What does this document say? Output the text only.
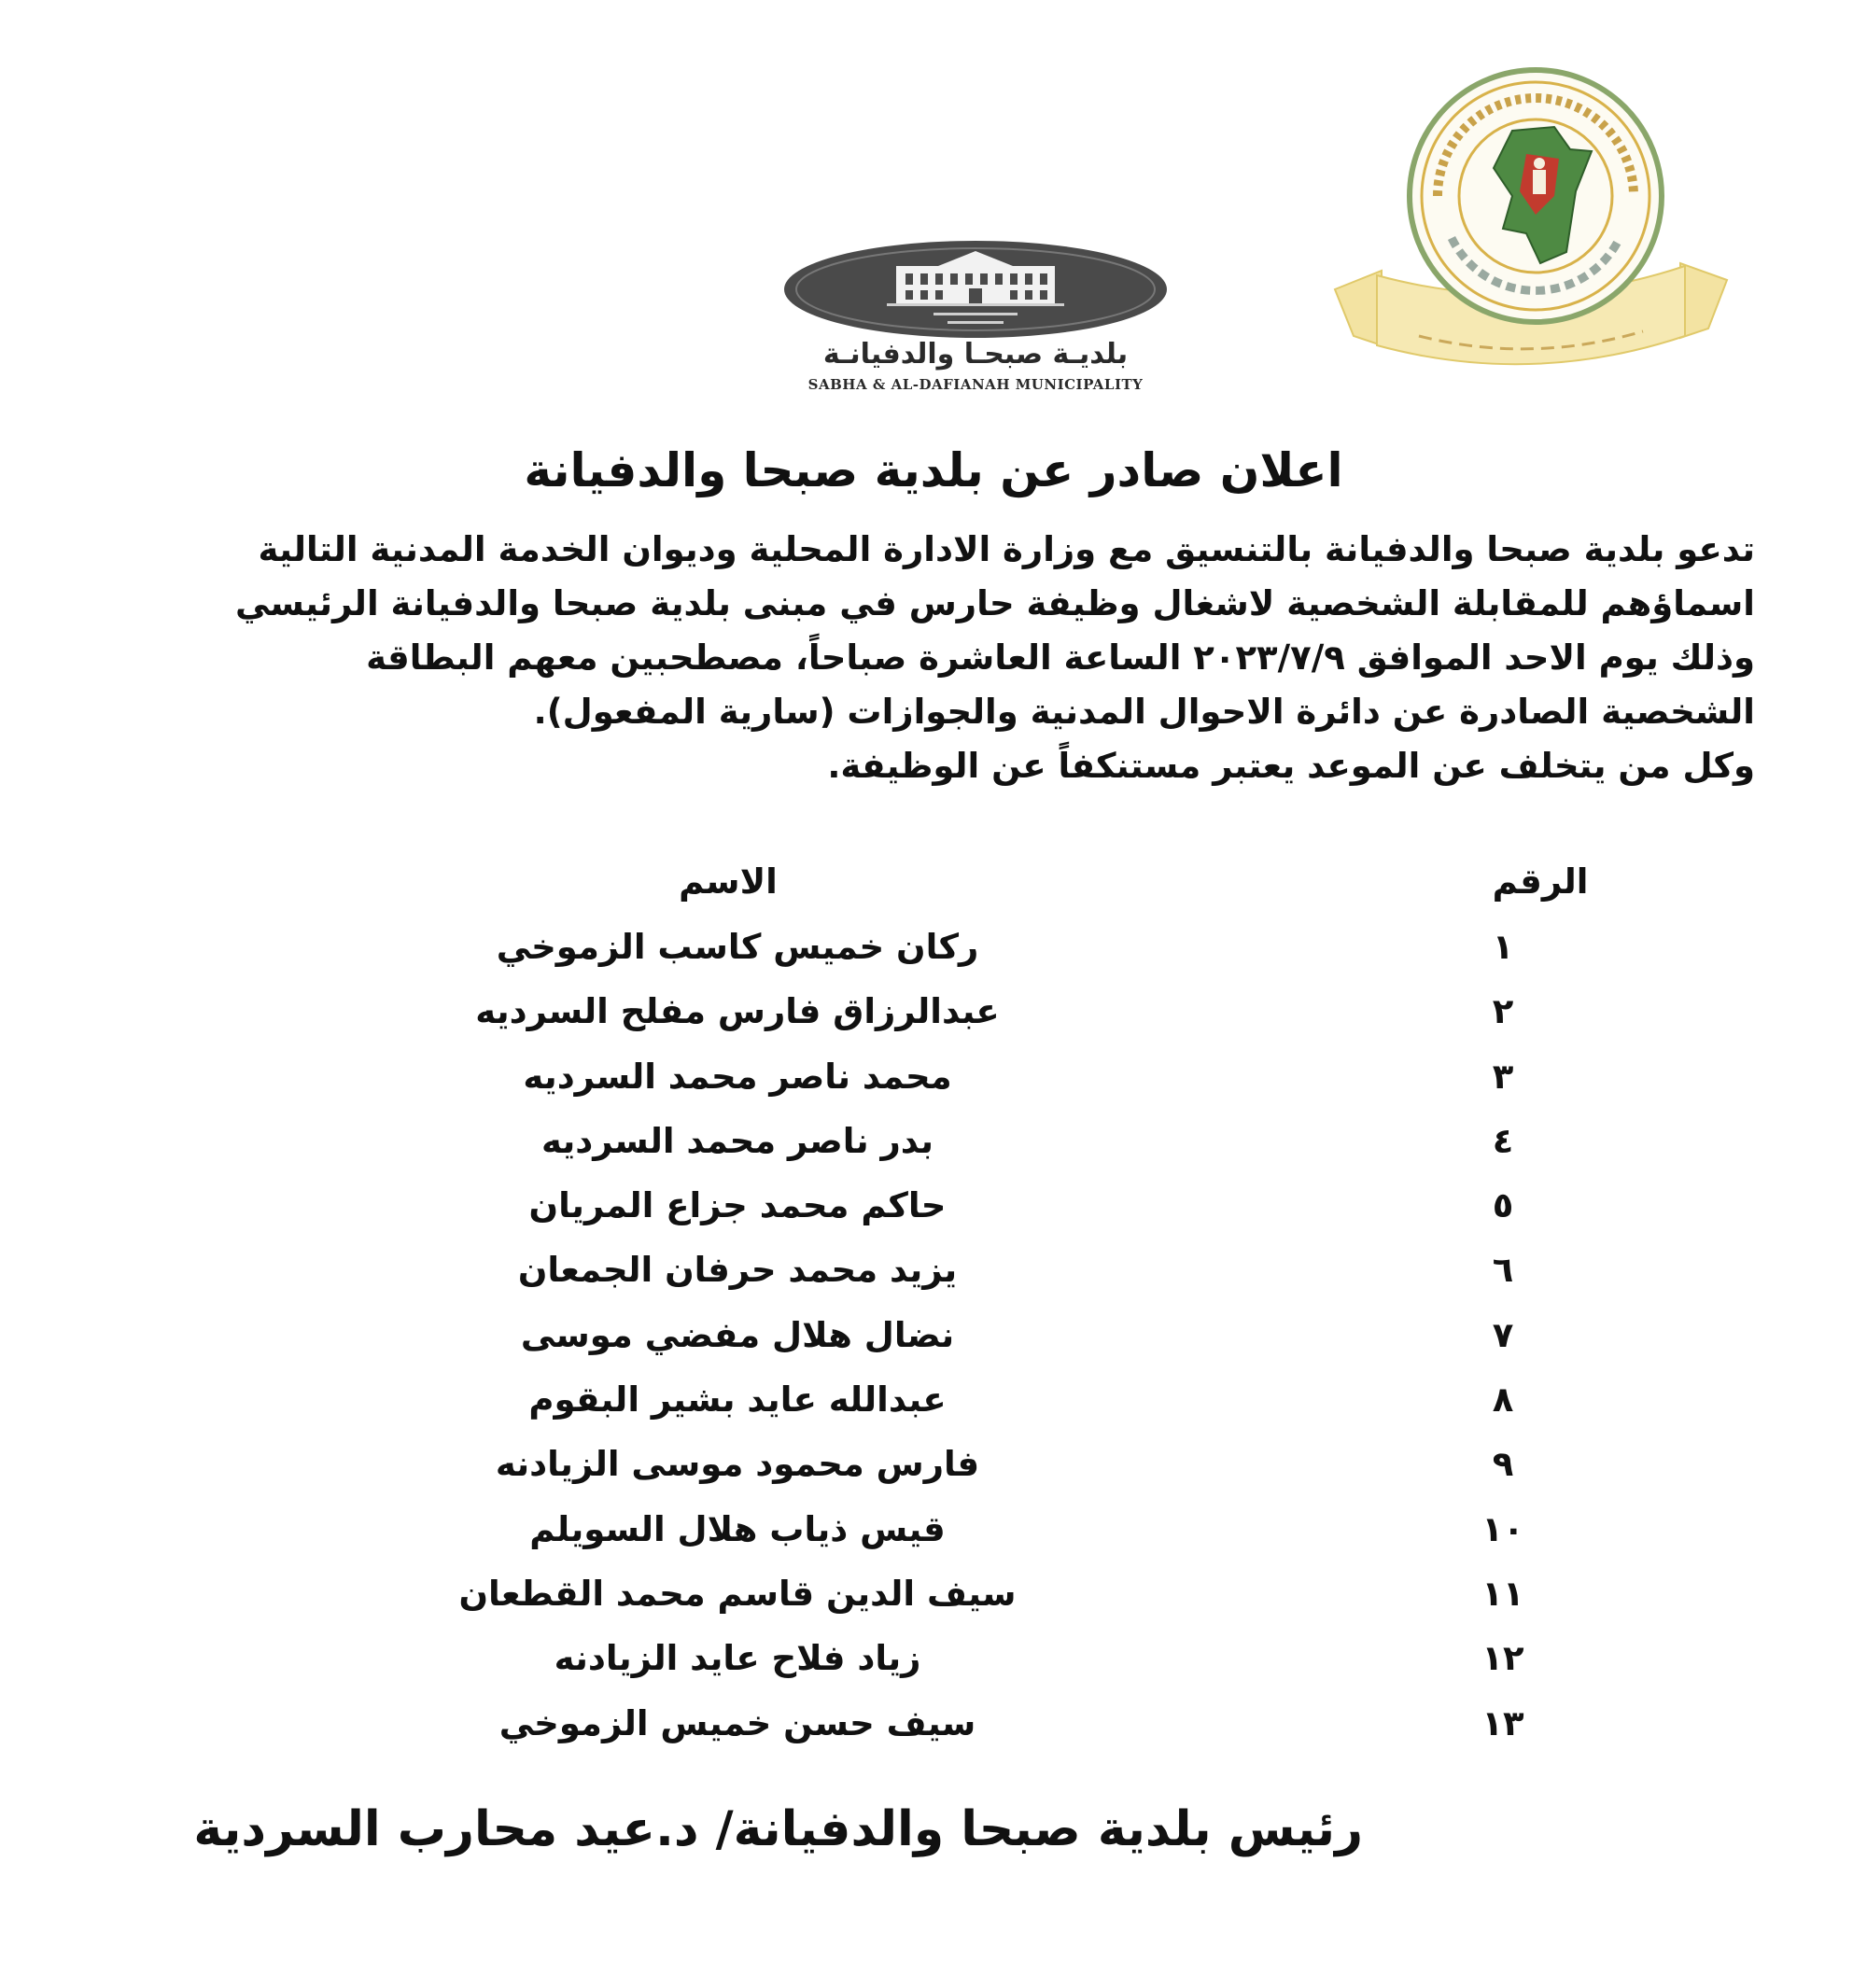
بلديـة صبحـا والدفيانـة
SABHA & AL-DAFIANAH MUNICIPALITY
اعلان صادر عن بلدية صبحا والدفيانة
تدعو بلدية صبحا والدفيانة بالتنسيق مع وزارة الادارة المحلية وديوان الخدمة المدنية التالية
اسماؤهم للمقابلة الشخصية لاشغال وظيفة حارس في مبنى بلدية صبحا والدفيانة الرئيسي
وذلك يوم الاحد الموافق ٢٠٢٣/٧/٩ الساعة العاشرة صباحاً، مصطحبين معهم البطاقة
الشخصية الصادرة عن دائرة الاحوال المدنية والجوازات (سارية المفعول).
وكل من يتخلف عن الموعد يعتبر مستنكفاً عن الوظيفة.
الرقم
الاسم
١
ركان خميس كاسب الزموخي
٢
عبدالرزاق فارس مفلح السرديه
٣
محمد ناصر محمد السرديه
٤
بدر ناصر محمد السرديه
٥
حاكم محمد جزاع المريان
٦
يزيد محمد حرفان الجمعان
٧
نضال هلال مفضي موسى
٨
عبدالله عايد بشير البقوم
٩
فارس محمود موسى الزيادنه
١٠
قيس ذياب هلال السويلم
١١
سيف الدين قاسم محمد القطعان
١٢
زياد فلاح عايد الزيادنه
١٣
سيف حسن خميس الزموخي
رئيس بلدية صبحا والدفيانة/ د.عيد محارب السردية
